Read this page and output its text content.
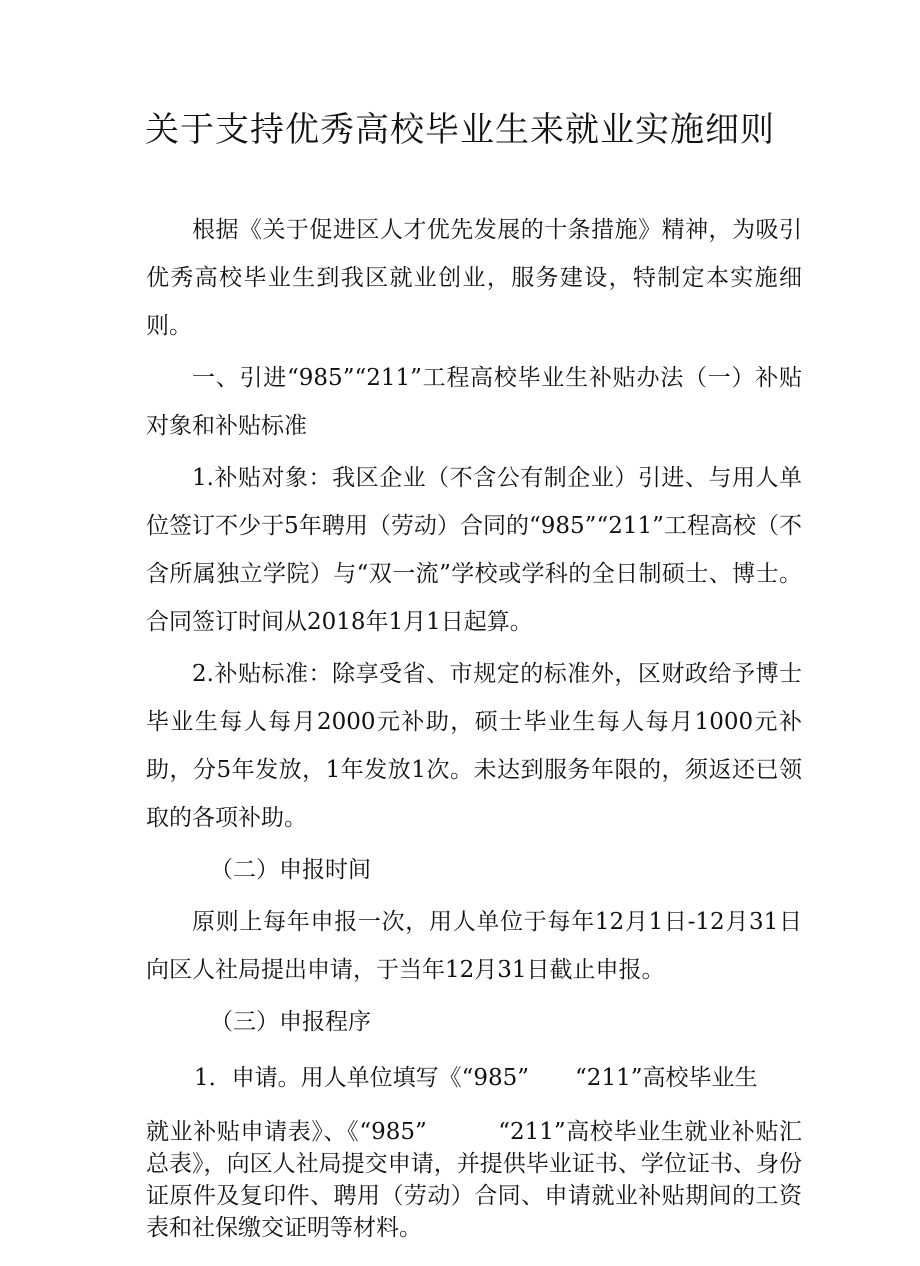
关于支持优秀高校毕业生来就业实施细则

根据《关于促进区人才优先发展的十条措施》精神，为吸引优秀高校毕业生到我区就业创业，服务建设，特制定本实施细则。

一、引进“985”“211”工程高校毕业生补贴办法（一）补贴对象和补贴标准

1.补贴对象：我区企业（不含公有制企业）引进、与用人单位签订不少于5年聘用（劳动）合同的“985”“211”工程高校（不含所属独立学院）与“双一流”学校或学科的全日制硕士、博士。合同签订时间从2018年1月1日起算。

2.补贴标准：除享受省、市规定的标准外，区财政给予博士毕业生每人每月2000元补助，硕士毕业生每人每月1000元补助，分5年发放，1年发放1次。未达到服务年限的，须返还已领取的各项补助。

（二）申报时间

原则上每年申报一次，用人单位于每年12月1日-12月31日向区人社局提出申请，于当年12月31日截止申报。

（三）申报程序

1．申请。用人单位填写《“985”　　“211”高校毕业生

就业补贴申请表》、《“985”　　　“211”高校毕业生就业补贴汇总表》，向区人社局提交申请，并提供毕业证书、学位证书、身份证原件及复印件、聘用（劳动）合同、申请就业补贴期间的工资表和社保缴交证明等材料。
